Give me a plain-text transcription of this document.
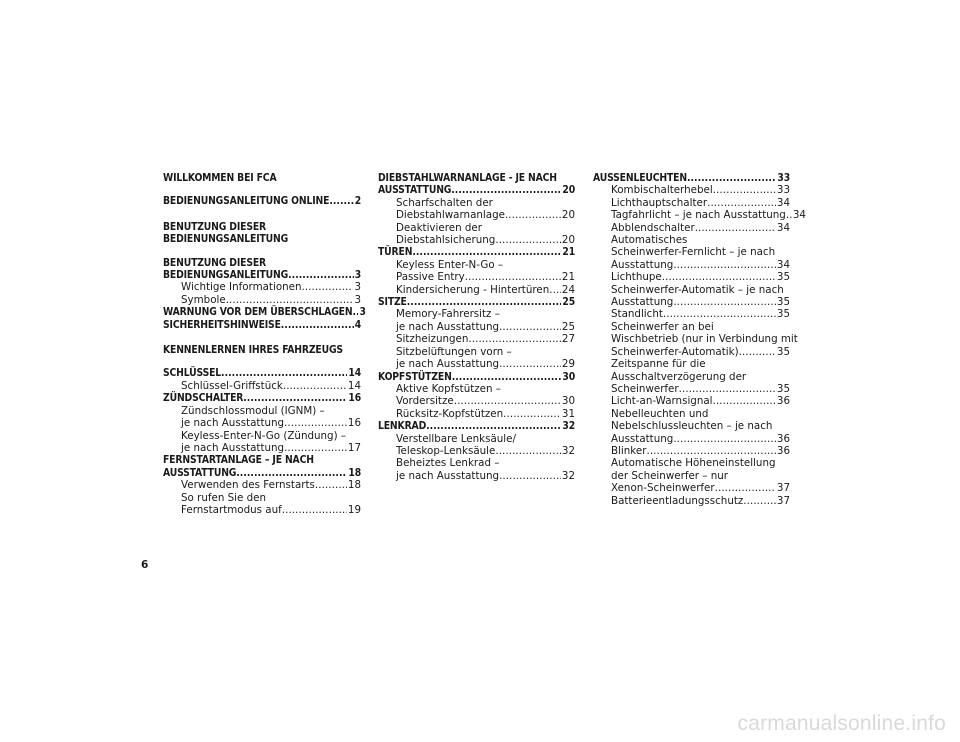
WILLKOMMEN BEI FCA
BEDIENUNGSANLEITUNG ONLINE . . . 2
BENUTZUNG DIESER
BEDIENUNGSANLEITUNG
BENUTZUNG DIESER
BEDIENUNGSANLEITUNG . . .	3
Wichtige Informationen . . .	3
Symbole . . .	3
WARNUNG VOR DEM ÜBERSCHLAGEN . . . 3
SICHERHEITSHINWEISE . . .	4
KENNENLERNEN IHRES FAHRZEUGS
SCHLÜSSEL . . .	14
Schlüssel-Griffstück . . .	14
ZÜNDSCHALTER . . .	16
Zündschlossmodul (IGNM) –
je nach Ausstattung . . .	16
Keyless-Enter-N-Go (Zündung) –
je nach Ausstattung . . .	17
FERNSTARTANLAGE – JE NACH
AUSSTATTUNG . . .	18
Verwenden des Fernstarts . . .	18
So rufen Sie den
Fernstartmodus auf . . .	19
DIEBSTAHLWARNANLAGE - JE NACH
AUSSTATTUNG . . .	20
Scharfschalten der
Diebstahlwarnanlage . . .	20
Deaktivieren der
Diebstahlsicherung . . .	20
TÜREN . . .	21
Keyless Enter-N-Go –
Passive Entry . . .	21
Kindersicherung - Hintertüren . . . 24
SITZE . . .	25
Memory-Fahrersitz –
je nach Ausstattung . . .	25
Sitzheizungen . . .	27
Sitzbelüftungen vorn –
je nach Ausstattung . . .	29
KOPFSTÜTZEN . . .	30
Aktive Kopfstützen –
Vordersitze . . .	30
Rücksitz-Kopfstützen . . .	31
LENKRAD . . .	32
Verstellbare Lenksäule/
Teleskop-Lenksäule . . .	32
Beheiztes Lenkrad –
je nach Ausstattung . . .	32
AUSSENLEUCHTEN . . .	33
Kombischalterhebel . . .	33
Lichthauptschalter . . .	34
Tagfahrlicht – je nach Ausstattung . . . 34
Abblendschalter . . .	34
Automatisches
Scheinwerfer-Fernlicht – je nach
Ausstattung . . .	34
Lichthupe . . .	35
Scheinwerfer-Automatik – je nach
Ausstattung . . .	35
Standlicht . . .	35
Scheinwerfer an bei
Wischbetrieb (nur in Verbindung mit
Scheinwerfer-Automatik) . . .	35
Zeitspanne für die
Ausschaltverzögerung der
Scheinwerfer . . .	35
Licht-an-Warnsignal . . .	36
Nebelleuchten und
Nebelschlussleuchten – je nach
Ausstattung . . .	36
Blinker . . .	36
Automatische Höheneinstellung
der Scheinwerfer – nur
Xenon-Scheinwerfer . . .	37
Batterieentladungsschutz . . .	37
6
carmanualsonline.info
